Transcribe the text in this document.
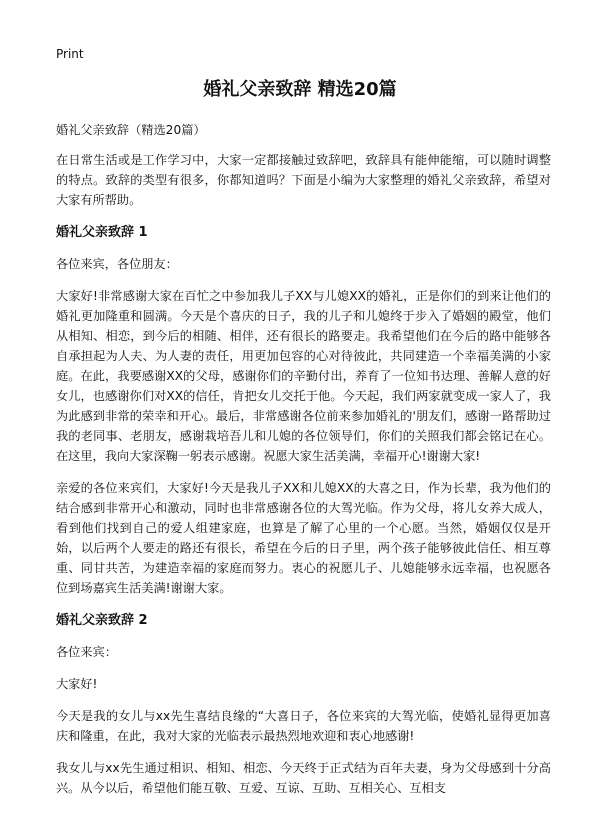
Print
婚礼父亲致辞 精选20篇

婚礼父亲致辞（精选20篇）

在日常生活或是工作学习中，大家一定都接触过致辞吧，致辞具有能伸能缩，可以随时调整的特点。致辞的类型有很多，你都知道吗？下面是小编为大家整理的婚礼父亲致辞，希望对大家有所帮助。

婚礼父亲致辞 1

各位来宾，各位朋友：

大家好!非常感谢大家在百忙之中参加我儿子XX与儿媳XX的婚礼，正是你们的到来让他们的婚礼更加隆重和圆满。今天是个喜庆的日子，我的儿子和儿媳终于步入了婚姻的殿堂，他们从相知、相恋，到今后的相随、相伴，还有很长的路要走。我希望他们在今后的路中能够各自承担起为人夫、为人妻的责任，用更加包容的心对待彼此，共同建造一个幸福美满的小家庭。在此，我要感谢XX的父母，感谢你们的辛勤付出，养育了一位知书达理、善解人意的好女儿，也感谢你们对XX的信任，肯把女儿交托于他。今天起，我们两家就变成一家人了，我为此感到非常的荣幸和开心。最后，非常感谢各位前来参加婚礼的'朋友们，感谢一路帮助过我的老同事、老朋友，感谢栽培吾儿和儿媳的各位领导们，你们的关照我们都会铭记在心。在这里，我向大家深鞠一躬表示感谢。祝愿大家生活美满，幸福开心!谢谢大家!

亲爱的各位来宾们，大家好!今天是我儿子XX和儿媳XX的大喜之日，作为长辈，我为他们的结合感到非常开心和激动，同时也非常感谢各位的大驾光临。作为父母，将儿女养大成人，看到他们找到自己的爱人组建家庭，也算是了解了心里的一个心愿。当然，婚姻仅仅是开始，以后两个人要走的路还有很长，希望在今后的日子里，两个孩子能够彼此信任、相互尊重、同甘共苦，为建造幸福的家庭而努力。衷心的祝愿儿子、儿媳能够永远幸福，也祝愿各位到场嘉宾生活美满!谢谢大家。

婚礼父亲致辞 2

各位来宾：

大家好!

今天是我的女儿与xx先生喜结良缘的“大喜日子，各位来宾的大驾光临，使婚礼显得更加喜庆和隆重，在此，我对大家的光临表示最热烈地欢迎和衷心地感谢!

我女儿与xx先生通过相识、相知、相恋、今天终于正式结为百年夫妻，身为父母感到十分高兴。从今以后，希望他们能互敬、互爱、互谅、互助、互相关心、互相支
